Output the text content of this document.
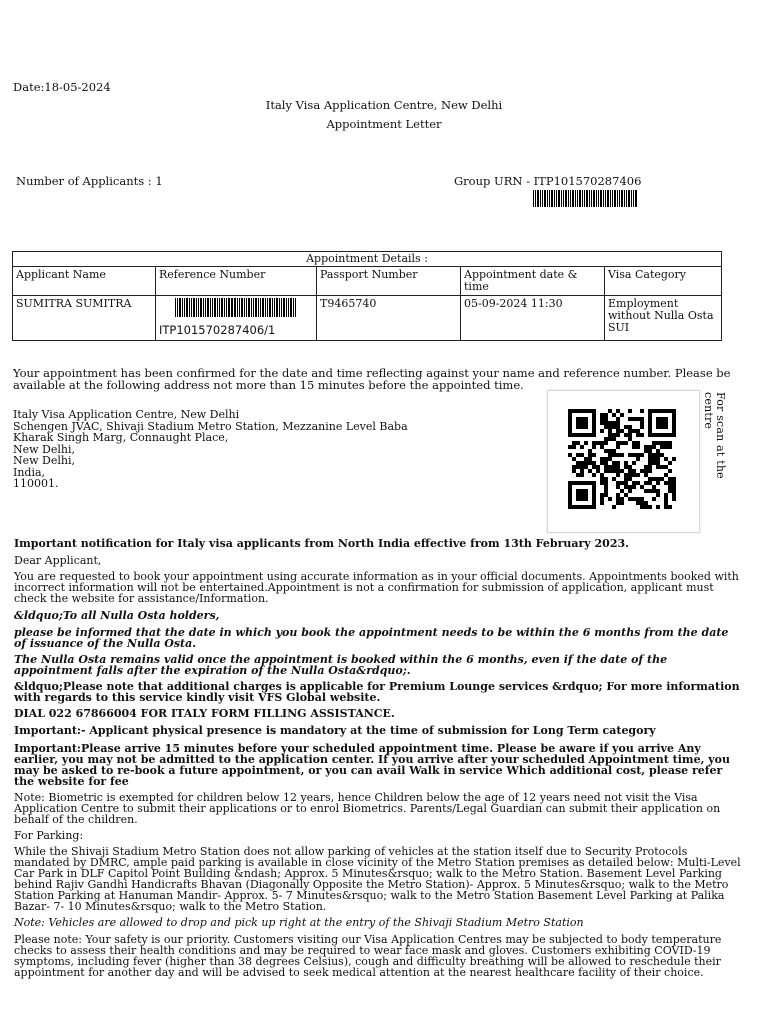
Date:18-05-2024
Italy Visa Application Centre, New Delhi
Appointment Letter
Number of Applicants : 1	Group URN - ITP101570287406
Appointment Details :				
Applicant Name	Reference Number	Passport Number	Appointment date & time	Visa Category
SUMITRA SUMITRA	ITP101570287406/1	T9465740	05-09-2024 11:30	Employment without Nulla Osta SUI
Your appointment has been confirmed for the date and time reflecting against your name and reference number. Please be available at the following address not more than 15 minutes before the appointed time.
Italy Visa Application Centre, New Delhi
Schengen JVAC, Shivaji Stadium Metro Station, Mezzanine Level Baba
Kharak Singh Marg, Connaught Place,
New Delhi,
New Delhi,
India,
110001.
For scan at the centre

Important notification for Italy visa applicants from North India effective from 13th February 2023.

Dear Applicant,

You are requested to book your appointment using accurate information as in your official documents. Appointments booked with incorrect information will not be entertained.Appointment is not a confirmation for submission of application, applicant must check the website for assistance/Information.

&ldquo;To all Nulla Osta holders,

please be informed that the date in which you book the appointment needs to be within the 6 months from the date of issuance of the Nulla Osta.

The Nulla Osta remains valid once the appointment is booked within the 6 months, even if the date of the appointment falls after the expiration of the Nulla Osta&rdquo;.

&ldquo;Please note that additional charges is applicable for Premium Lounge services &rdquo; For more information with regards to this service kindly visit VFS Global website.

DIAL 022 67866004 FOR ITALY FORM FILLING ASSISTANCE.

Important:- Applicant physical presence is mandatory at the time of submission for Long Term category

Important:Please arrive 15 minutes before your scheduled appointment time. Please be aware if you arrive Any earlier, you may not be admitted to the application center. If you arrive after your scheduled Appointment time, you may be asked to re-book a future appointment, or you can avail Walk in service Which additional cost, please refer the website for fee

Note: Biometric is exempted for children below 12 years, hence Children below the age of 12 years need not visit the Visa Application Centre to submit their applications or to enrol Biometrics. Parents/Legal Guardian can submit their application on behalf of the children.

For Parking:

While the Shivaji Stadium Metro Station does not allow parking of vehicles at the station itself due to Security Protocols mandated by DMRC, ample paid parking is available in close vicinity of the Metro Station premises as detailed below: Multi-Level Car Park in DLF Capitol Point Building &ndash; Approx. 5 Minutes&rsquo; walk to the Metro Station. Basement Level Parking behind Rajiv Gandhi Handicrafts Bhavan (Diagonally Opposite the Metro Station)- Approx. 5 Minutes&rsquo; walk to the Metro Station Parking at Hanuman Mandir- Approx. 5- 7 Minutes&rsquo; walk to the Metro Station Basement Level Parking at Palika Bazar- 7- 10 Minutes&rsquo; walk to the Metro Station.

Note: Vehicles are allowed to drop and pick up right at the entry of the Shivaji Stadium Metro Station

Please note: Your safety is our priority. Customers visiting our Visa Application Centres may be subjected to body temperature checks to assess their health conditions and may be required to wear face mask and gloves. Customers exhibiting COVID-19 symptoms, including fever (higher than 38 degrees Celsius), cough and difficulty breathing will be allowed to reschedule their appointment for another day and will be advised to seek medical attention at the nearest healthcare facility of their choice.
